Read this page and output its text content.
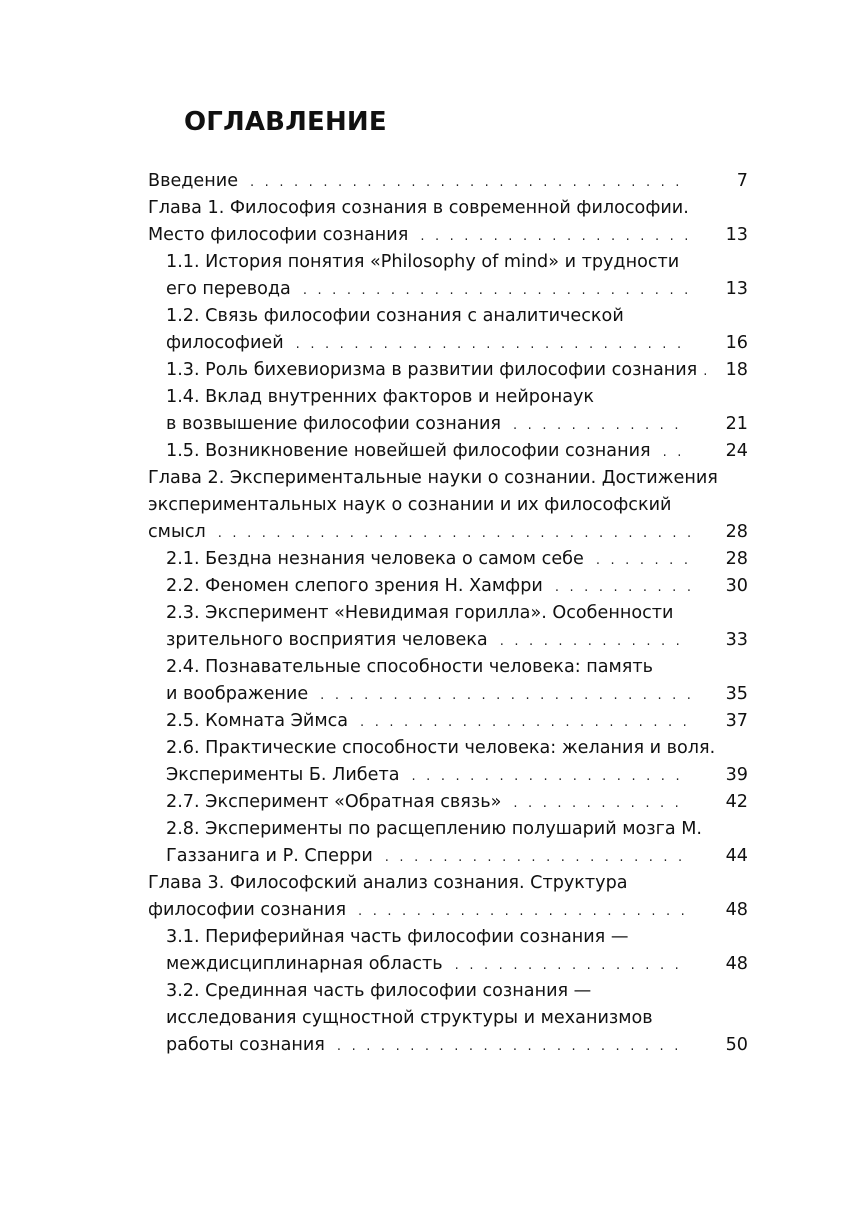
ОГЛАВЛЕНИЕ
Введение . . .	7
Глава 1. Философия сознания в современной философии.
Место философии сознания . . .	13
1.1. История понятия «Philosophy of mind» и трудности
его перевода . . .	13
1.2. Связь философии сознания с аналитической
философией . . .	16
1.3. Роль бихевиоризма в развитии философии сознания . . .	18
1.4. Вклад внутренних факторов и нейронаук
в возвышение философии сознания . . .	21
1.5. Возникновение новейшей философии сознания . . .	24
Глава 2. Экспериментальные науки о сознании. Достижения
экспериментальных наук о сознании и их философский
смысл . . .	28
2.1. Бездна незнания человека о самом себе . . .	28
2.2. Феномен слепого зрения Н. Хамфри . . .	30
2.3. Эксперимент «Невидимая горилла». Особенности
зрительного восприятия человека . . .	33
2.4. Познавательные способности человека: память
и воображение . . .	35
2.5. Комната Эймса . . .	37
2.6. Практические способности человека: желания и воля.
Эксперименты Б. Либета . . .	39
2.7. Эксперимент «Обратная связь» . . .	42
2.8. Эксперименты по расщеплению полушарий мозга М.
Газзанига и Р. Сперри . . .	44
Глава 3. Философский анализ сознания. Структура
философии сознания . . .	48
3.1. Периферийная часть философии сознания —
междисциплинарная область . . .	48
3.2. Срединная часть философии сознания —
исследования сущностной структуры и механизмов
работы сознания . . .	50
